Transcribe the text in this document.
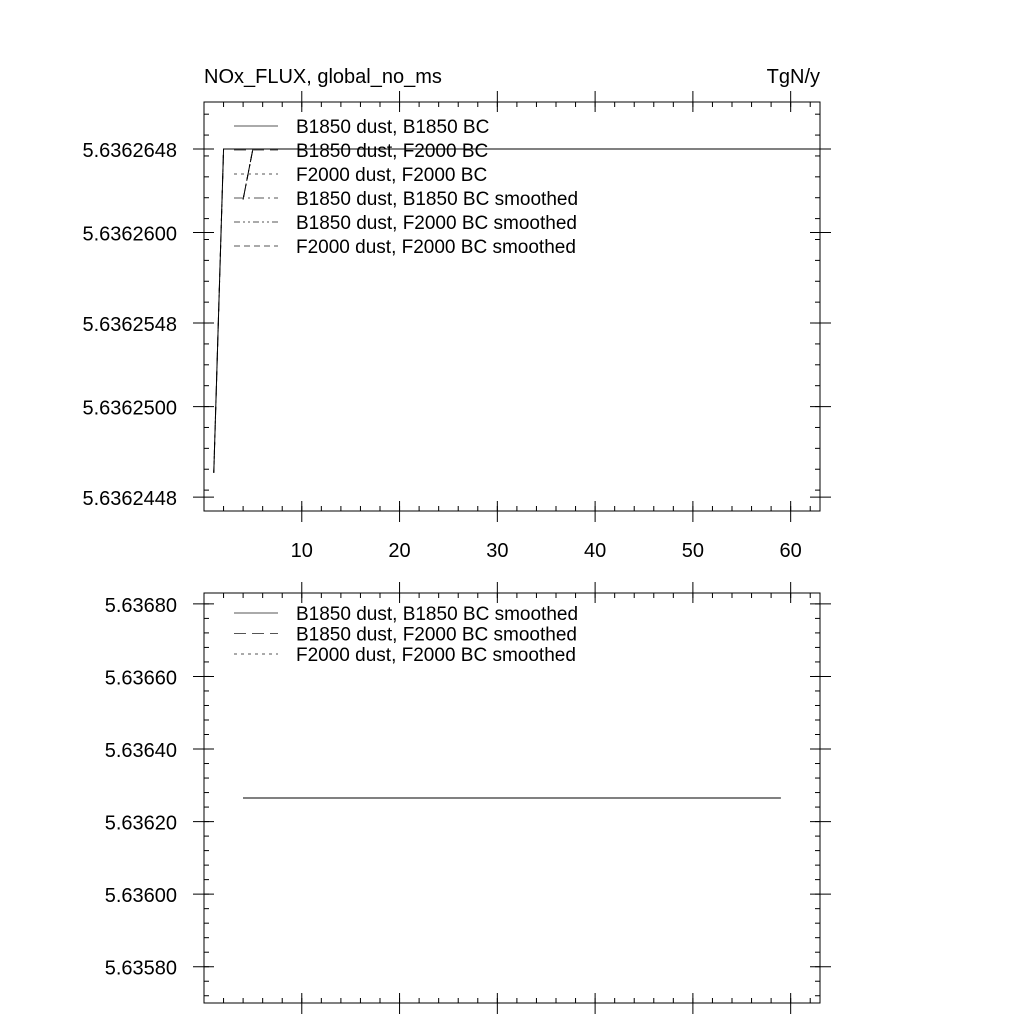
NOx_FLUX, global_no_ms	TgN/y
10	20	30	40	50	60
5.6362448
5.6362500
5.6362548
5.6362600
5.6362648
B1850 dust, B1850 BC
B1850 dust, F2000 BC
F2000 dust, F2000 BC
B1850 dust, B1850 BC smoothed
B1850 dust, F2000 BC smoothed
F2000 dust, F2000 BC smoothed
5.63580
5.63600
5.63620
5.63640
5.63660
5.63680	B1850 dust, B1850 BC smoothed
B1850 dust, F2000 BC smoothed
F2000 dust, F2000 BC smoothed
